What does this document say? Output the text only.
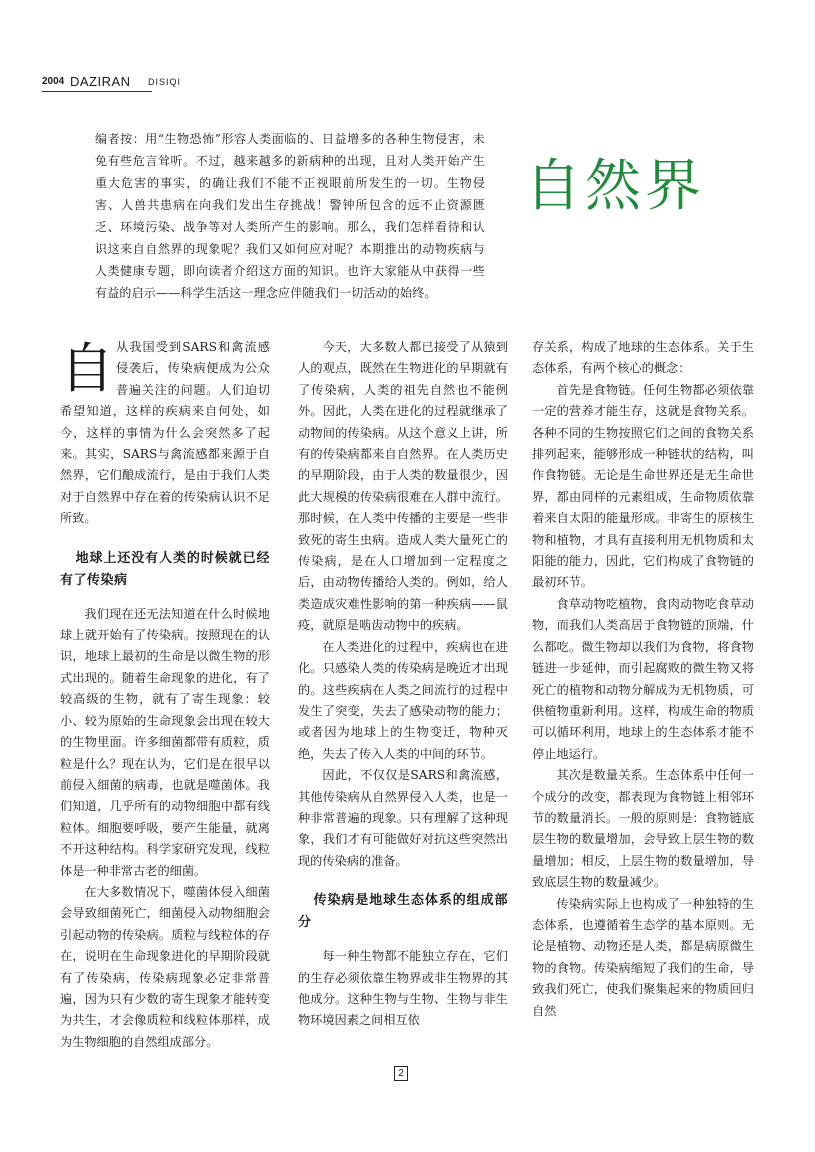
2004 DAZIRAN DISIQI
编者按：用“生物恐怖”形容人类面临的、日益增多的各种生物侵害，未免有些危言耸听。不过，越来越多的新病种的出现，且对人类开始产生重大危害的事实，的确让我们不能不正视眼前所发生的一切。生物侵害、人兽共患病在向我们发出生存挑战！警钟所包含的远不止资源匮乏、环境污染、战争等对人类所产生的影响。那么，我们怎样看待和认识这来自自然界的现象呢？我们又如何应对呢？本期推出的动物疾病与人类健康专题，即向读者介绍这方面的知识。也许大家能从中获得一些有益的启示——科学生活这一理念应伴随我们一切活动的始终。
自然界
自 从我国受到SARS和禽流感侵袭后，传染病便成为公众普遍关注的问题。人们迫切希望知道，这样的疾病来自何处，如今，这样的事情为什么会突然多了起来。其实，SARS与禽流感都来源于自然界，它们酿成流行，是由于我们人类对于自然界中存在着的传染病认识不足所致。

地球上还没有人类的时候就已经有了传染病

我们现在还无法知道在什么时候地球上就开始有了传染病。按照现在的认识，地球上最初的生命是以微生物的形式出现的。随着生命现象的进化，有了较高级的生物，就有了寄生现象：较小、较为原始的生命现象会出现在较大的生物里面。许多细菌都带有质粒，质粒是什么？现在认为，它们是在很早以前侵入细菌的病毒，也就是噬菌体。我们知道，几乎所有的动物细胞中都有线粒体。细胞要呼吸，要产生能量，就离不开这种结构。科学家研究发现，线粒体是一种非常古老的细菌。

在大多数情况下，噬菌体侵入细菌会导致细菌死亡，细菌侵入动物细胞会引起动物的传染病。质粒与线粒体的存在，说明在生命现象进化的早期阶段就有了传染病，传染病现象必定非常普遍，因为只有少数的寄生现象才能转变为共生，才会像质粒和线粒体那样，成为生物细胞的自然组成部分。

今天，大多数人都已接受了从猿到人的观点，既然在生物进化的早期就有了传染病，人类的祖先自然也不能例外。因此，人类在进化的过程就继承了动物间的传染病。从这个意义上讲，所有的传染病都来自自然界。在人类历史的早期阶段，由于人类的数量很少，因此大规模的传染病很难在人群中流行。那时候，在人类中传播的主要是一些非致死的寄生虫病。造成人类大量死亡的传染病，是在人口增加到一定程度之后，由动物传播给人类的。例如，给人类造成灾难性影响的第一种疾病——鼠疫，就原是啮齿动物中的疾病。

在人类进化的过程中，疾病也在进化。只感染人类的传染病是晚近才出现的。这些疾病在人类之间流行的过程中发生了突变，失去了感染动物的能力；或者因为地球上的生物变迁，物种灭绝，失去了传入人类的中间的环节。

因此，不仅仅是SARS和禽流感，其他传染病从自然界侵入人类，也是一种非常普遍的现象。只有理解了这种现象，我们才有可能做好对抗这些突然出现的传染病的准备。

传染病是地球生态体系的组成部分

每一种生物都不能独立存在，它们的生存必须依靠生物界或非生物界的其他成分。这种生物与生物、生物与非生物环境因素之间相互依

存关系，构成了地球的生态体系。关于生态体系，有两个核心的概念：

首先是食物链。任何生物都必须依靠一定的营养才能生存，这就是食物关系。各种不同的生物按照它们之间的食物关系排列起来，能够形成一种链状的结构，叫作食物链。无论是生命世界还是无生命世界，都由同样的元素组成，生命物质依靠着来自太阳的能量形成。非寄生的原核生物和植物，才具有直接利用无机物质和太阳能的能力，因此，它们构成了食物链的最初环节。

食草动物吃植物，食肉动物吃食草动物，而我们人类高居于食物链的顶端，什么都吃。微生物却以我们为食物，将食物链进一步延伸，而引起腐败的微生物又将死亡的植物和动物分解成为无机物质，可供植物重新利用。这样，构成生命的物质可以循环利用，地球上的生态体系才能不停止地运行。

其次是数量关系。生态体系中任何一个成分的改变，都表现为食物链上相邻环节的数量消长。一般的原则是：食物链底层生物的数量增加，会导致上层生物的数量增加；相反，上层生物的数量增加，导致底层生物的数量减少。

传染病实际上也构成了一种独特的生态体系，也遵循着生态学的基本原则。无论是植物、动物还是人类，都是病原微生物的食物。传染病缩短了我们的生命，导致我们死亡，使我们聚集起来的物质回归自然

2
